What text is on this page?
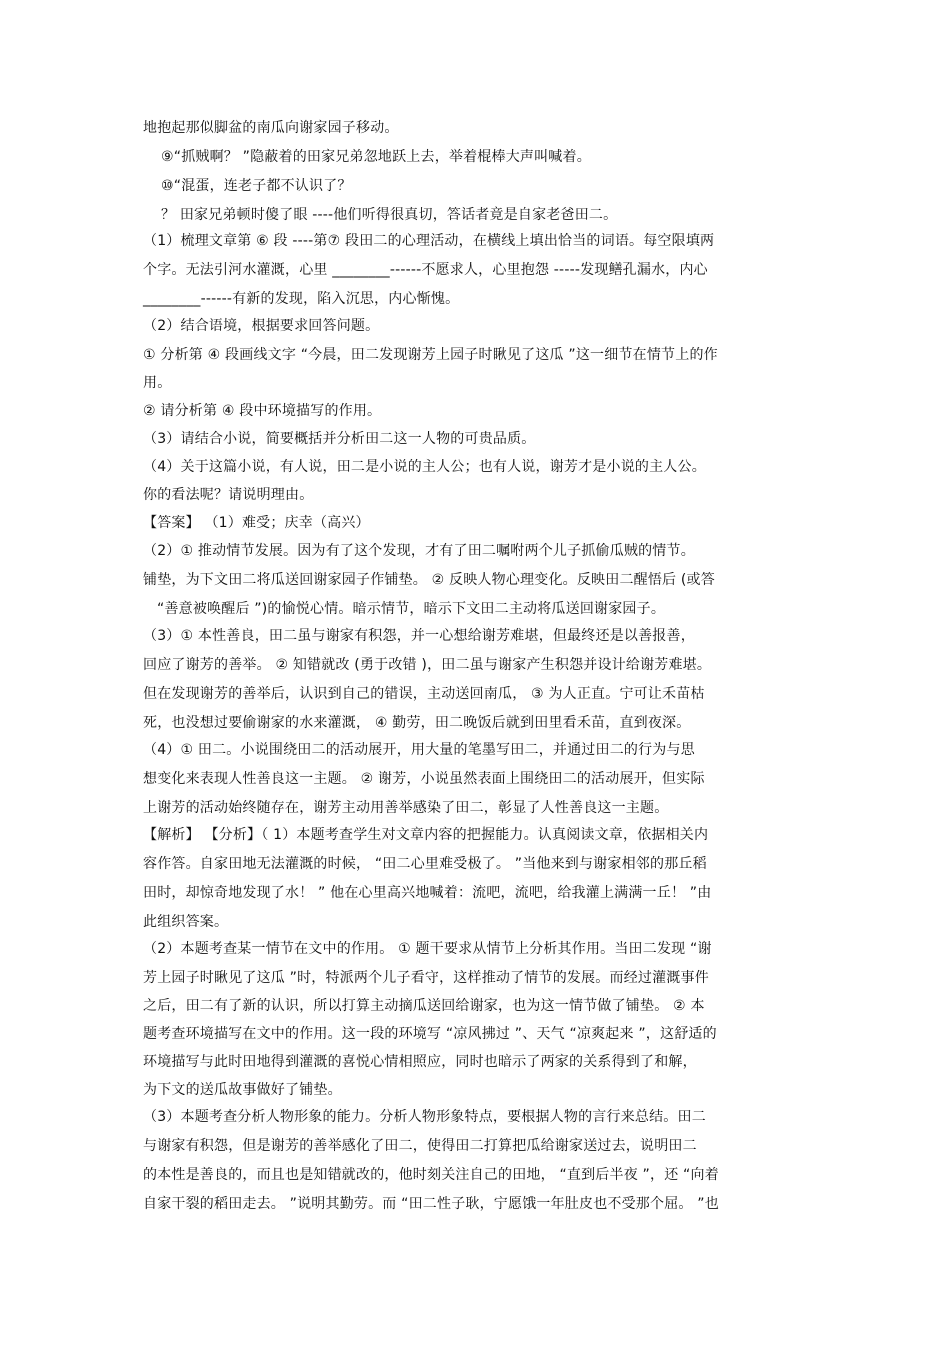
地抱起那似脚盆的南瓜向谢家园子移动。
⑨“抓贼啊？ ”隐蔽着的田家兄弟忽地跃上去，举着棍棒大声叫喊着。
⑩“混蛋，连老子都不认识了？
？ 田家兄弟顿时傻了眼 ----他们听得很真切，答话者竟是自家老爸田二。
（1）梳理文章第 ⑥ 段 ----第⑦ 段田二的心理活动，在横线上填出恰当的词语。每空限填两
个字。无法引河水灌溉，心里 ________------不愿求人，心里抱怨 -----发现鳝孔漏水，内心
________------有新的发现，陷入沉思，内心惭愧。
（2）结合语境，根据要求回答问题。
① 分析第 ④ 段画线文字 “今晨，田二发现谢芳上园子时瞅见了这瓜 ”这一细节在情节上的作
用。
② 请分析第 ④ 段中环境描写的作用。
（3）请结合小说，简要概括并分析田二这一人物的可贵品质。
（4）关于这篇小说，有人说，田二是小说的主人公；也有人说，谢芳才是小说的主人公。
你的看法呢？请说明理由。
【答案】 （1）难受；庆幸（高兴）
（2）① 推动情节发展。因为有了这个发现，才有了田二嘱咐两个儿子抓偷瓜贼的情节。
铺垫，为下文田二将瓜送回谢家园子作铺垫。 ② 反映人物心理变化。反映田二醒悟后 (或答
“善意被唤醒后 ”)的愉悦心情。暗示情节，暗示下文田二主动将瓜送回谢家园子。
（3）① 本性善良，田二虽与谢家有积怨，并一心想给谢芳难堪，但最终还是以善报善，
回应了谢芳的善举。 ② 知错就改 (勇于改错 )，田二虽与谢家产生积怨并设计给谢芳难堪。
但在发现谢芳的善举后，认识到自己的错误，主动送回南瓜， ③ 为人正直。宁可让禾苗枯
死，也没想过要偷谢家的水来灌溉， ④ 勤劳，田二晚饭后就到田里看禾苗，直到夜深。
（4）① 田二。小说围绕田二的活动展开，用大量的笔墨写田二，并通过田二的行为与思
想变化来表现人性善良这一主题。 ② 谢芳，小说虽然表面上围绕田二的活动展开，但实际
上谢芳的活动始终随存在，谢芳主动用善举感染了田二，彰显了人性善良这一主题。
【解析】 【分析】（ 1）本题考查学生对文章内容的把握能力。认真阅读文章，依据相关内
容作答。自家田地无法灌溉的时候， “田二心里难受极了。 ”当他来到与谢家相邻的那丘稻
田时，却惊奇地发现了水！ ” 他在心里高兴地喊着：流吧，流吧，给我灌上满满一丘！ ”由
此组织答案。
（2）本题考查某一情节在文中的作用。 ① 题干要求从情节上分析其作用。当田二发现 “谢
芳上园子时瞅见了这瓜 ”时，特派两个儿子看守，这样推动了情节的发展。而经过灌溉事件
之后，田二有了新的认识，所以打算主动摘瓜送回给谢家，也为这一情节做了铺垫。 ② 本
题考查环境描写在文中的作用。这一段的环境写 “凉风拂过 ”、天气 “凉爽起来 ”，这舒适的
环境描写与此时田地得到灌溉的喜悦心情相照应，同时也暗示了两家的关系得到了和解，
为下文的送瓜故事做好了铺垫。
（3）本题考查分析人物形象的能力。分析人物形象特点，要根据人物的言行来总结。田二
与谢家有积怨，但是谢芳的善举感化了田二，使得田二打算把瓜给谢家送过去，说明田二
的本性是善良的，而且也是知错就改的，他时刻关注自己的田地， “直到后半夜 ”，还 “向着
自家干裂的稻田走去。 ”说明其勤劳。而 “田二性子耿，宁愿饿一年肚皮也不受那个屈。 ”也
